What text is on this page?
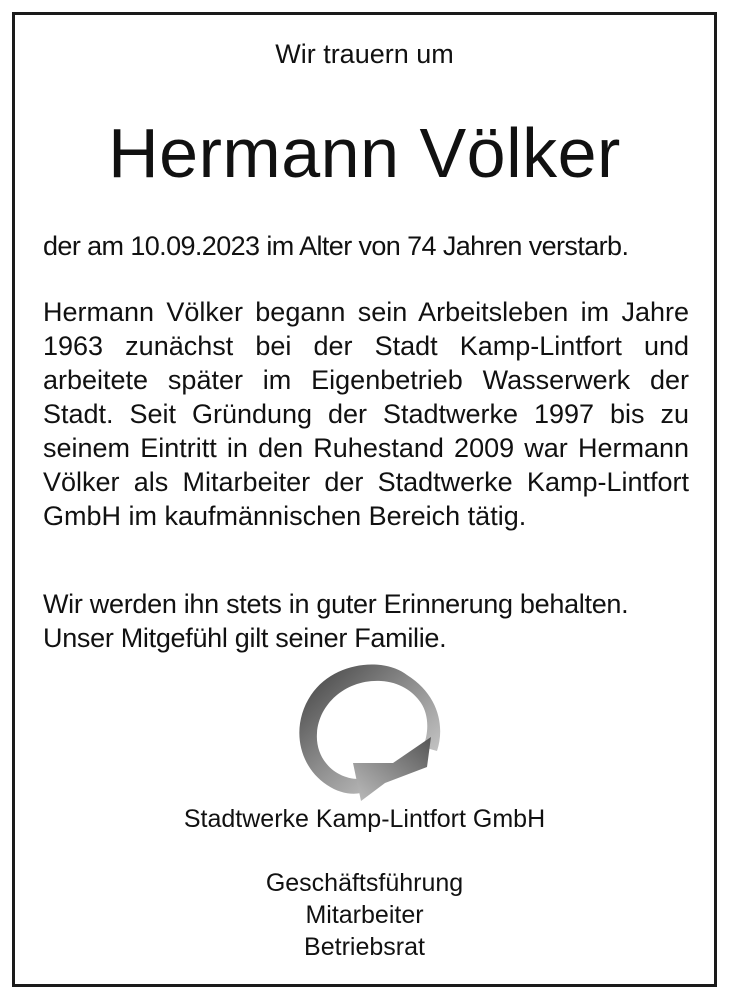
Wir trauern um
Hermann Völker
der am 10.09.2023 im Alter von 74 Jahren verstarb.

Hermann Völker begann sein Arbeitsleben im Jahre 1963 zunächst bei der Stadt Kamp-Lintfort und arbeitete später im Eigenbetrieb Wasserwerk der Stadt. Seit Gründung der Stadtwerke 1997 bis zu seinem Eintritt in den Ruhestand 2009 war Hermann Völker als Mitarbeiter der Stadtwerke Kamp-Lintfort GmbH im kaufmännischen Bereich tätig.

Wir werden ihn stets in guter Erinnerung behalten.
Unser Mitgefühl gilt seiner Familie.

Stadtwerke Kamp-Lintfort GmbH
Geschäftsführung
Mitarbeiter
Betriebsrat
